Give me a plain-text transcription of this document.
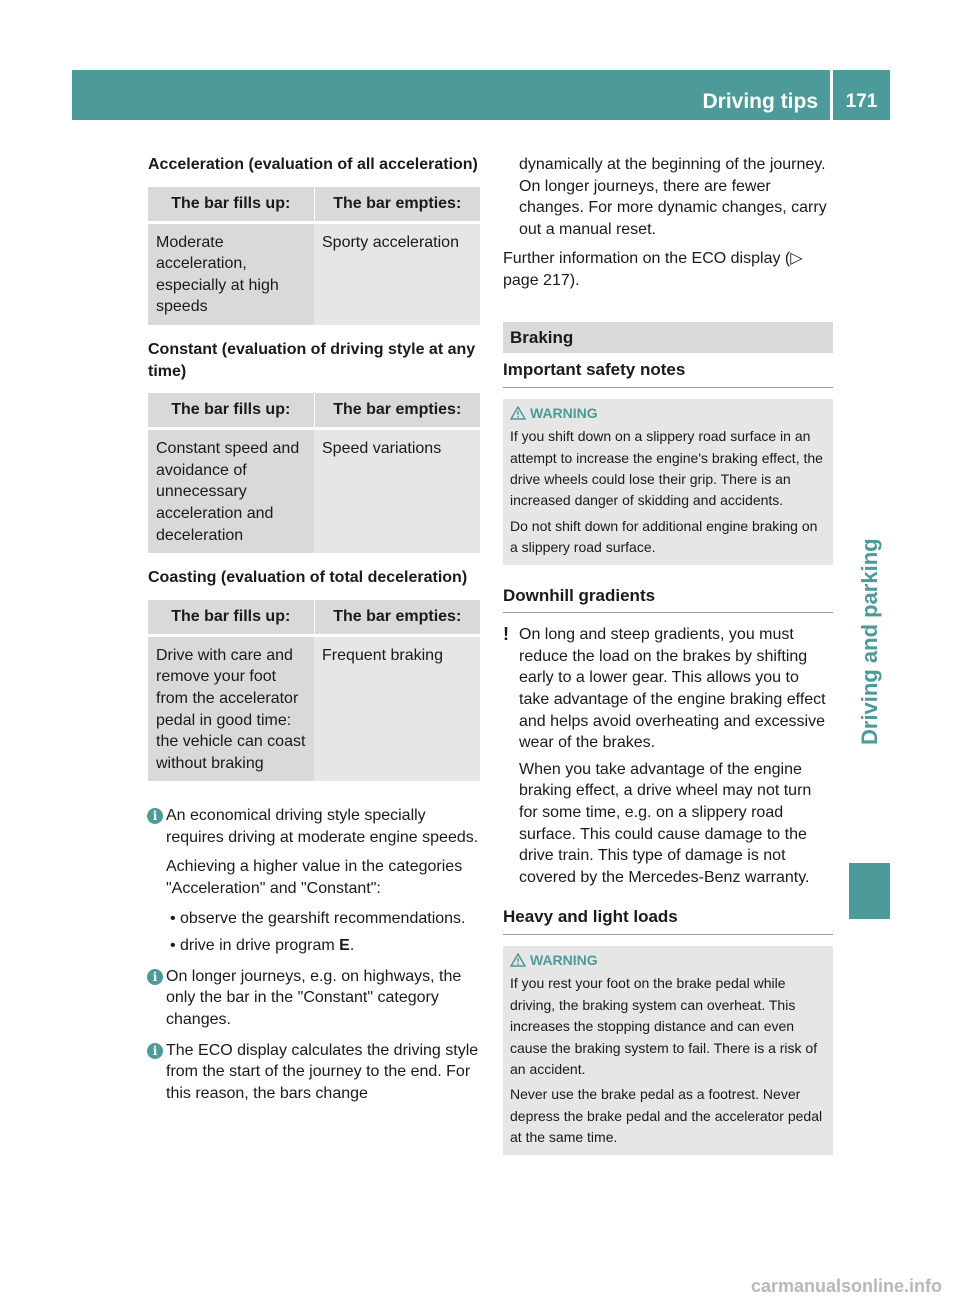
Driving tips	171
Driving and parking
Acceleration (evaluation of all acceleration)
The bar fills up:	The bar empties:

Moderate acceleration, especially at high speeds	Sporty acceleration
Constant (evaluation of driving style at any time)
The bar fills up:	The bar empties:

Constant speed and avoidance of unnecessary acceleration and deceleration	Speed variations
Coasting (evaluation of total deceleration)
The bar fills up:	The bar empties:

Drive with care and remove your foot from the accelerator pedal in good time: the vehicle can coast without braking	Frequent braking
i An economical driving style specially requires driving at moderate engine speeds.
Achieving a higher value in the categories "Acceleration" and "Constant":
• observe the gearshift recommendations.
• drive in drive program E.
i On longer journeys, e.g. on highways, the only the bar in the "Constant" category changes.
i The ECO display calculates the driving style from the start of the journey to the end. For this reason, the bars change
dynamically at the beginning of the journey. On longer journeys, there are fewer changes. For more dynamic changes, carry out a manual reset.
Further information on the ECO display (▷ page 217).
Braking
Important safety notes
WARNING
If you shift down on a slippery road surface in an attempt to increase the engine's braking effect, the drive wheels could lose their grip. There is an increased danger of skidding and accidents.
Do not shift down for additional engine braking on a slippery road surface.
Downhill gradients
! On long and steep gradients, you must reduce the load on the brakes by shifting early to a lower gear. This allows you to take advantage of the engine braking effect and helps avoid overheating and excessive wear of the brakes.
When you take advantage of the engine braking effect, a drive wheel may not turn for some time, e.g. on a slippery road surface. This could cause damage to the drive train. This type of damage is not covered by the Mercedes-Benz warranty.
Heavy and light loads
WARNING
If you rest your foot on the brake pedal while driving, the braking system can overheat. This increases the stopping distance and can even cause the braking system to fail. There is a risk of an accident.
Never use the brake pedal as a footrest. Never depress the brake pedal and the accelerator pedal at the same time.
carmanualsonline.info
